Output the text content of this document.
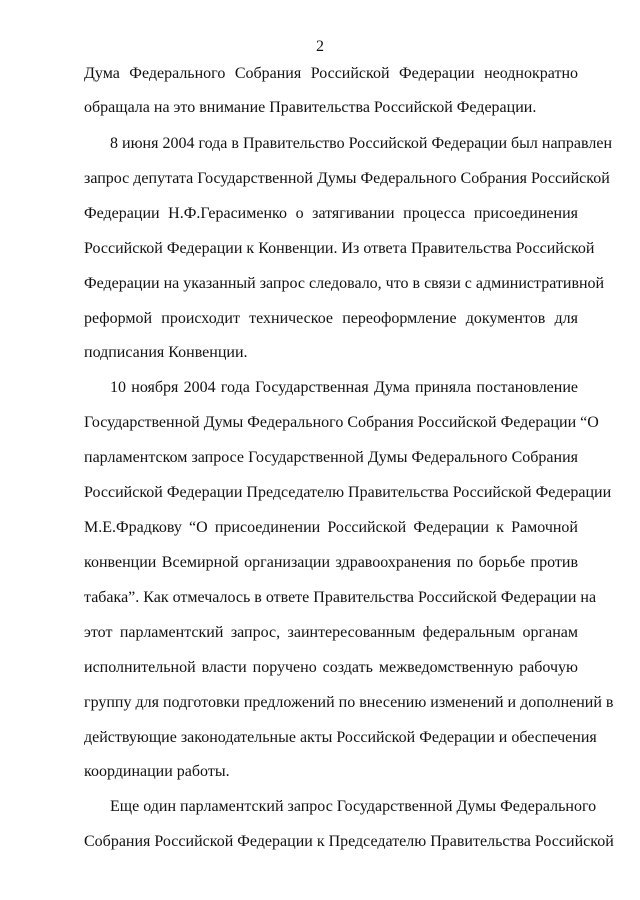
2
Дума Федерального Собрания Российской Федерации неоднократно
обращала на это внимание Правительства Российской Федерации.
8 июня 2004 года в Правительство Российской Федерации был направлен
запрос депутата Государственной Думы Федерального Собрания Российской
Федерации Н.Ф.Герасименко о затягивании процесса присоединения
Российской Федерации к Конвенции. Из ответа Правительства Российской
Федерации на указанный запрос следовало, что в связи с административной
реформой происходит техническое переоформление документов для
подписания Конвенции.
10 ноября 2004 года Государственная Дума приняла постановление
Государственной Думы Федерального Собрания Российской Федерации “О
парламентском запросе Государственной Думы Федерального Собрания
Российской Федерации Председателю Правительства Российской Федерации
М.Е.Фрадкову “О присоединении Российской Федерации к Рамочной
конвенции Всемирной организации здравоохранения по борьбе против
табака”. Как отмечалось в ответе Правительства Российской Федерации на
этот парламентский запрос, заинтересованным федеральным органам
исполнительной власти поручено создать межведомственную рабочую
группу для подготовки предложений по внесению изменений и дополнений в
действующие законодательные акты Российской Федерации и обеспечения
координации работы.
Еще один парламентский запрос Государственной Думы Федерального
Собрания Российской Федерации к Председателю Правительства Российской
